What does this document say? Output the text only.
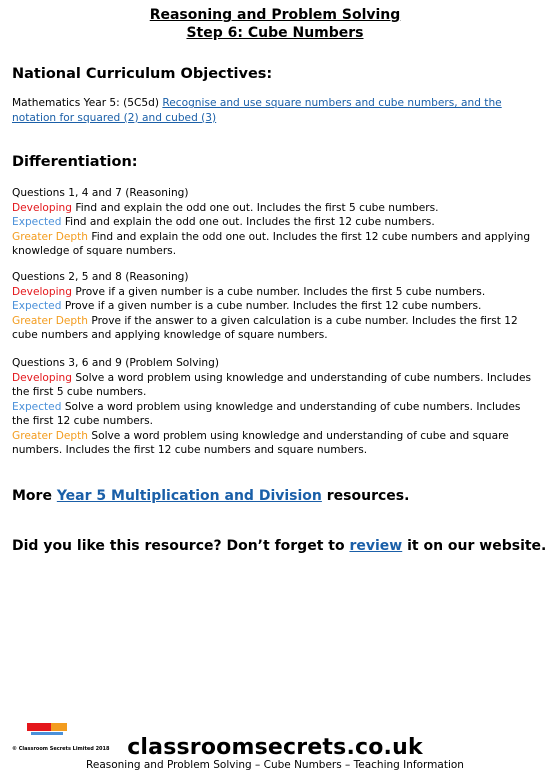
Reasoning and Problem Solving
Step 6: Cube Numbers
National Curriculum Objectives:
Mathematics Year 5: (5C5d) Recognise and use square numbers and cube numbers, and the notation for squared (2) and cubed (3)
Differentiation:
Questions 1, 4 and 7 (Reasoning)
Developing Find and explain the odd one out. Includes the first 5 cube numbers.
Expected Find and explain the odd one out. Includes the first 12 cube numbers.
Greater Depth Find and explain the odd one out. Includes the first 12 cube numbers and applying knowledge of square numbers.
Questions 2, 5 and 8 (Reasoning)
Developing Prove if a given number is a cube number. Includes the first 5 cube numbers.
Expected Prove if a given number is a cube number. Includes the first 12 cube numbers.
Greater Depth Prove if the answer to a given calculation is a cube number. Includes the first 12 cube numbers and applying knowledge of square numbers.
Questions 3, 6 and 9 (Problem Solving)
Developing Solve a word problem using knowledge and understanding of cube numbers. Includes the first 5 cube numbers.
Expected Solve a word problem using knowledge and understanding of cube numbers. Includes the first 12 cube numbers.
Greater Depth Solve a word problem using knowledge and understanding of cube and square numbers. Includes the first 12 cube numbers and square numbers.
More Year 5 Multiplication and Division resources.
Did you like this resource? Don’t forget to review it on our website.
© Classroom Secrets Limited 2018 classroomsecrets.co.uk
Reasoning and Problem Solving – Cube Numbers – Teaching Information
